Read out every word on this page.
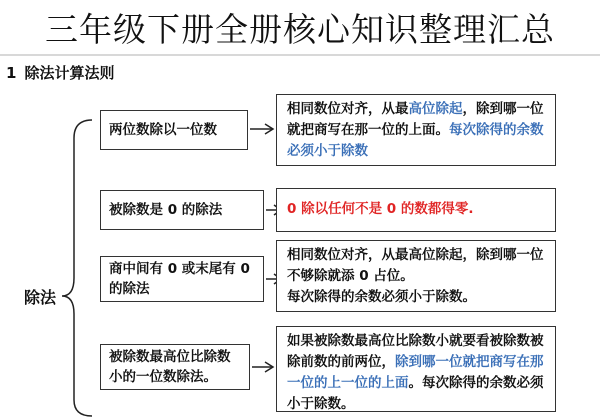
三年级下册全册核心知识整理汇总
1 除法计算法则
除法
两位数除以一位数
相同数位对齐，从最高位除起，除到哪一位就把商写在那一位的上面。每次除得的余数必须小于除数
被除数是 0 的除法	0 除以任何不是 0 的数都得零.
商中间有 0 或末尾有 0 的除法
相同数位对齐，从最高位除起，除到哪一位不够除就添 0 占位。
每次除得的余数必须小于除数。
被除数最高位比除数小的一位数除法。
如果被除数最高位比除数小就要看被除数被除前数的前两位，除到哪一位就把商写在那一位的上一位的上面。每次除得的余数必须小于除数。
